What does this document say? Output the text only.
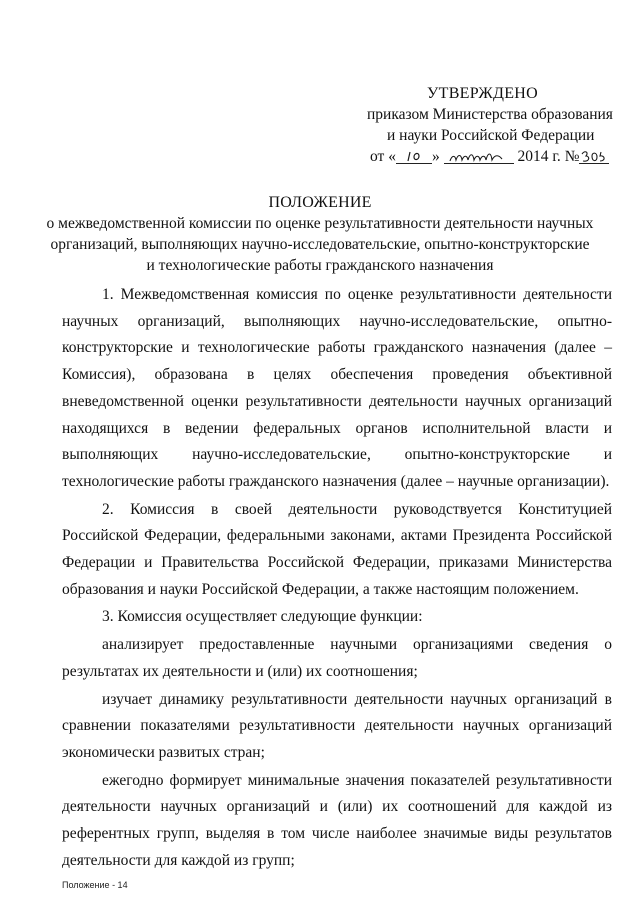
УТВЕРЖДЕНО
приказом Министерства образования
и науки Российской Федерации
от « »	2014 г. №
ПОЛОЖЕНИЕ
о межведомственной комиссии по оценке результативности деятельности научных
организаций, выполняющих научно-исследовательские, опытно-конструкторские
и технологические работы гражданского назначения

1. Межведомственная комиссия по оценке результативности деятельности научных организаций, выполняющих научно-исследовательские, опытно-конструкторские и технологические работы гражданского назначения (далее – Комиссия), образована в целях обеспечения проведения объективной вневедомственной оценки результативности деятельности научных организаций находящихся в ведении федеральных органов исполнительной власти и выполняющих научно-исследовательские, опытно-конструкторские и технологические работы гражданского назначения (далее – научные организации).

2. Комиссия в своей деятельности руководствуется Конституцией Российской Федерации, федеральными законами, актами Президента Российской Федерации и Правительства Российской Федерации, приказами Министерства образования и науки Российской Федерации, а также настоящим положением.

3. Комиссия осуществляет следующие функции:

анализирует предоставленные научными организациями сведения о результатах их деятельности и (или) их соотношения;

изучает динамику результативности деятельности научных организаций в сравнении показателями результативности деятельности научных организаций экономически развитых стран;

ежегодно формирует минимальные значения показателей результативности деятельности научных организаций и (или) их соотношений для каждой из референтных групп, выделяя в том числе наиболее значимые виды результатов деятельности для каждой из групп;

Положение - 14
